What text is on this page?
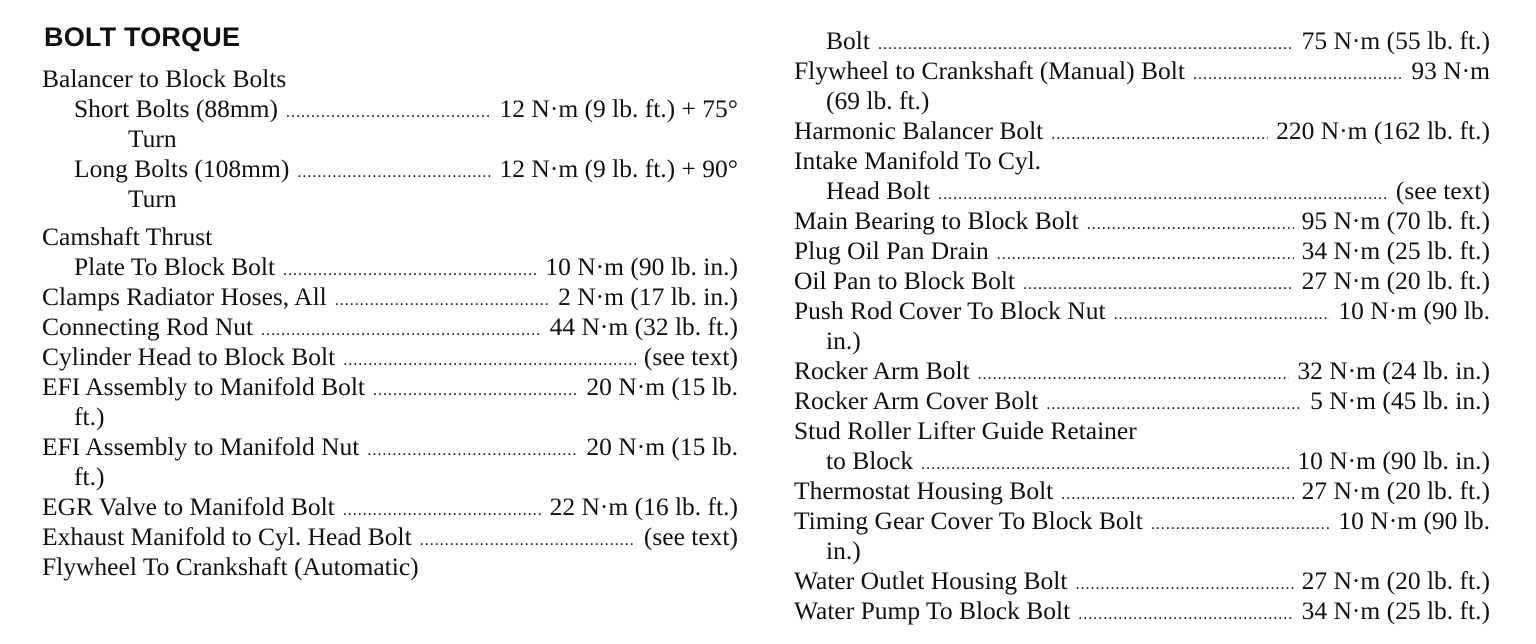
BOLT TORQUE
Balancer to Block Bolts
Short Bolts (88mm) .....	12 N·m (9 lb. ft.) + 75°
Turn
Long Bolts (108mm) .....	12 N·m (9 lb. ft.) + 90°
Turn
Camshaft Thrust
Plate To Block Bolt .....	10 N·m (90 lb. in.)
Clamps Radiator Hoses, All .....	2 N·m (17 lb. in.)
Connecting Rod Nut .....	44 N·m (32 lb. ft.)
Cylinder Head to Block Bolt .....	(see text)
EFI Assembly to Manifold Bolt .....	20 N·m (15 lb.
ft.)
EFI Assembly to Manifold Nut .....	20 N·m (15 lb.
ft.)
EGR Valve to Manifold Bolt .....	22 N·m (16 lb. ft.)
Exhaust Manifold to Cyl. Head Bolt .....	(see text)
Flywheel To Crankshaft (Automatic)
Bolt .....	75 N·m (55 lb. ft.)
Flywheel to Crankshaft (Manual) Bolt .....	93 N·m
(69 lb. ft.)
Harmonic Balancer Bolt .....	220 N·m (162 lb. ft.)
Intake Manifold To Cyl.
Head Bolt .....	(see text)
Main Bearing to Block Bolt .....	95 N·m (70 lb. ft.)
Plug Oil Pan Drain .....	34 N·m (25 lb. ft.)
Oil Pan to Block Bolt .....	27 N·m (20 lb. ft.)
Push Rod Cover To Block Nut .....	10 N·m (90 lb.
in.)
Rocker Arm Bolt .....	32 N·m (24 lb. in.)
Rocker Arm Cover Bolt .....	5 N·m (45 lb. in.)
Stud Roller Lifter Guide Retainer
to Block .....	10 N·m (90 lb. in.)
Thermostat Housing Bolt .....	27 N·m (20 lb. ft.)
Timing Gear Cover To Block Bolt .....	10 N·m (90 lb.
in.)
Water Outlet Housing Bolt .....	27 N·m (20 lb. ft.)
Water Pump To Block Bolt .....	34 N·m (25 lb. ft.)
